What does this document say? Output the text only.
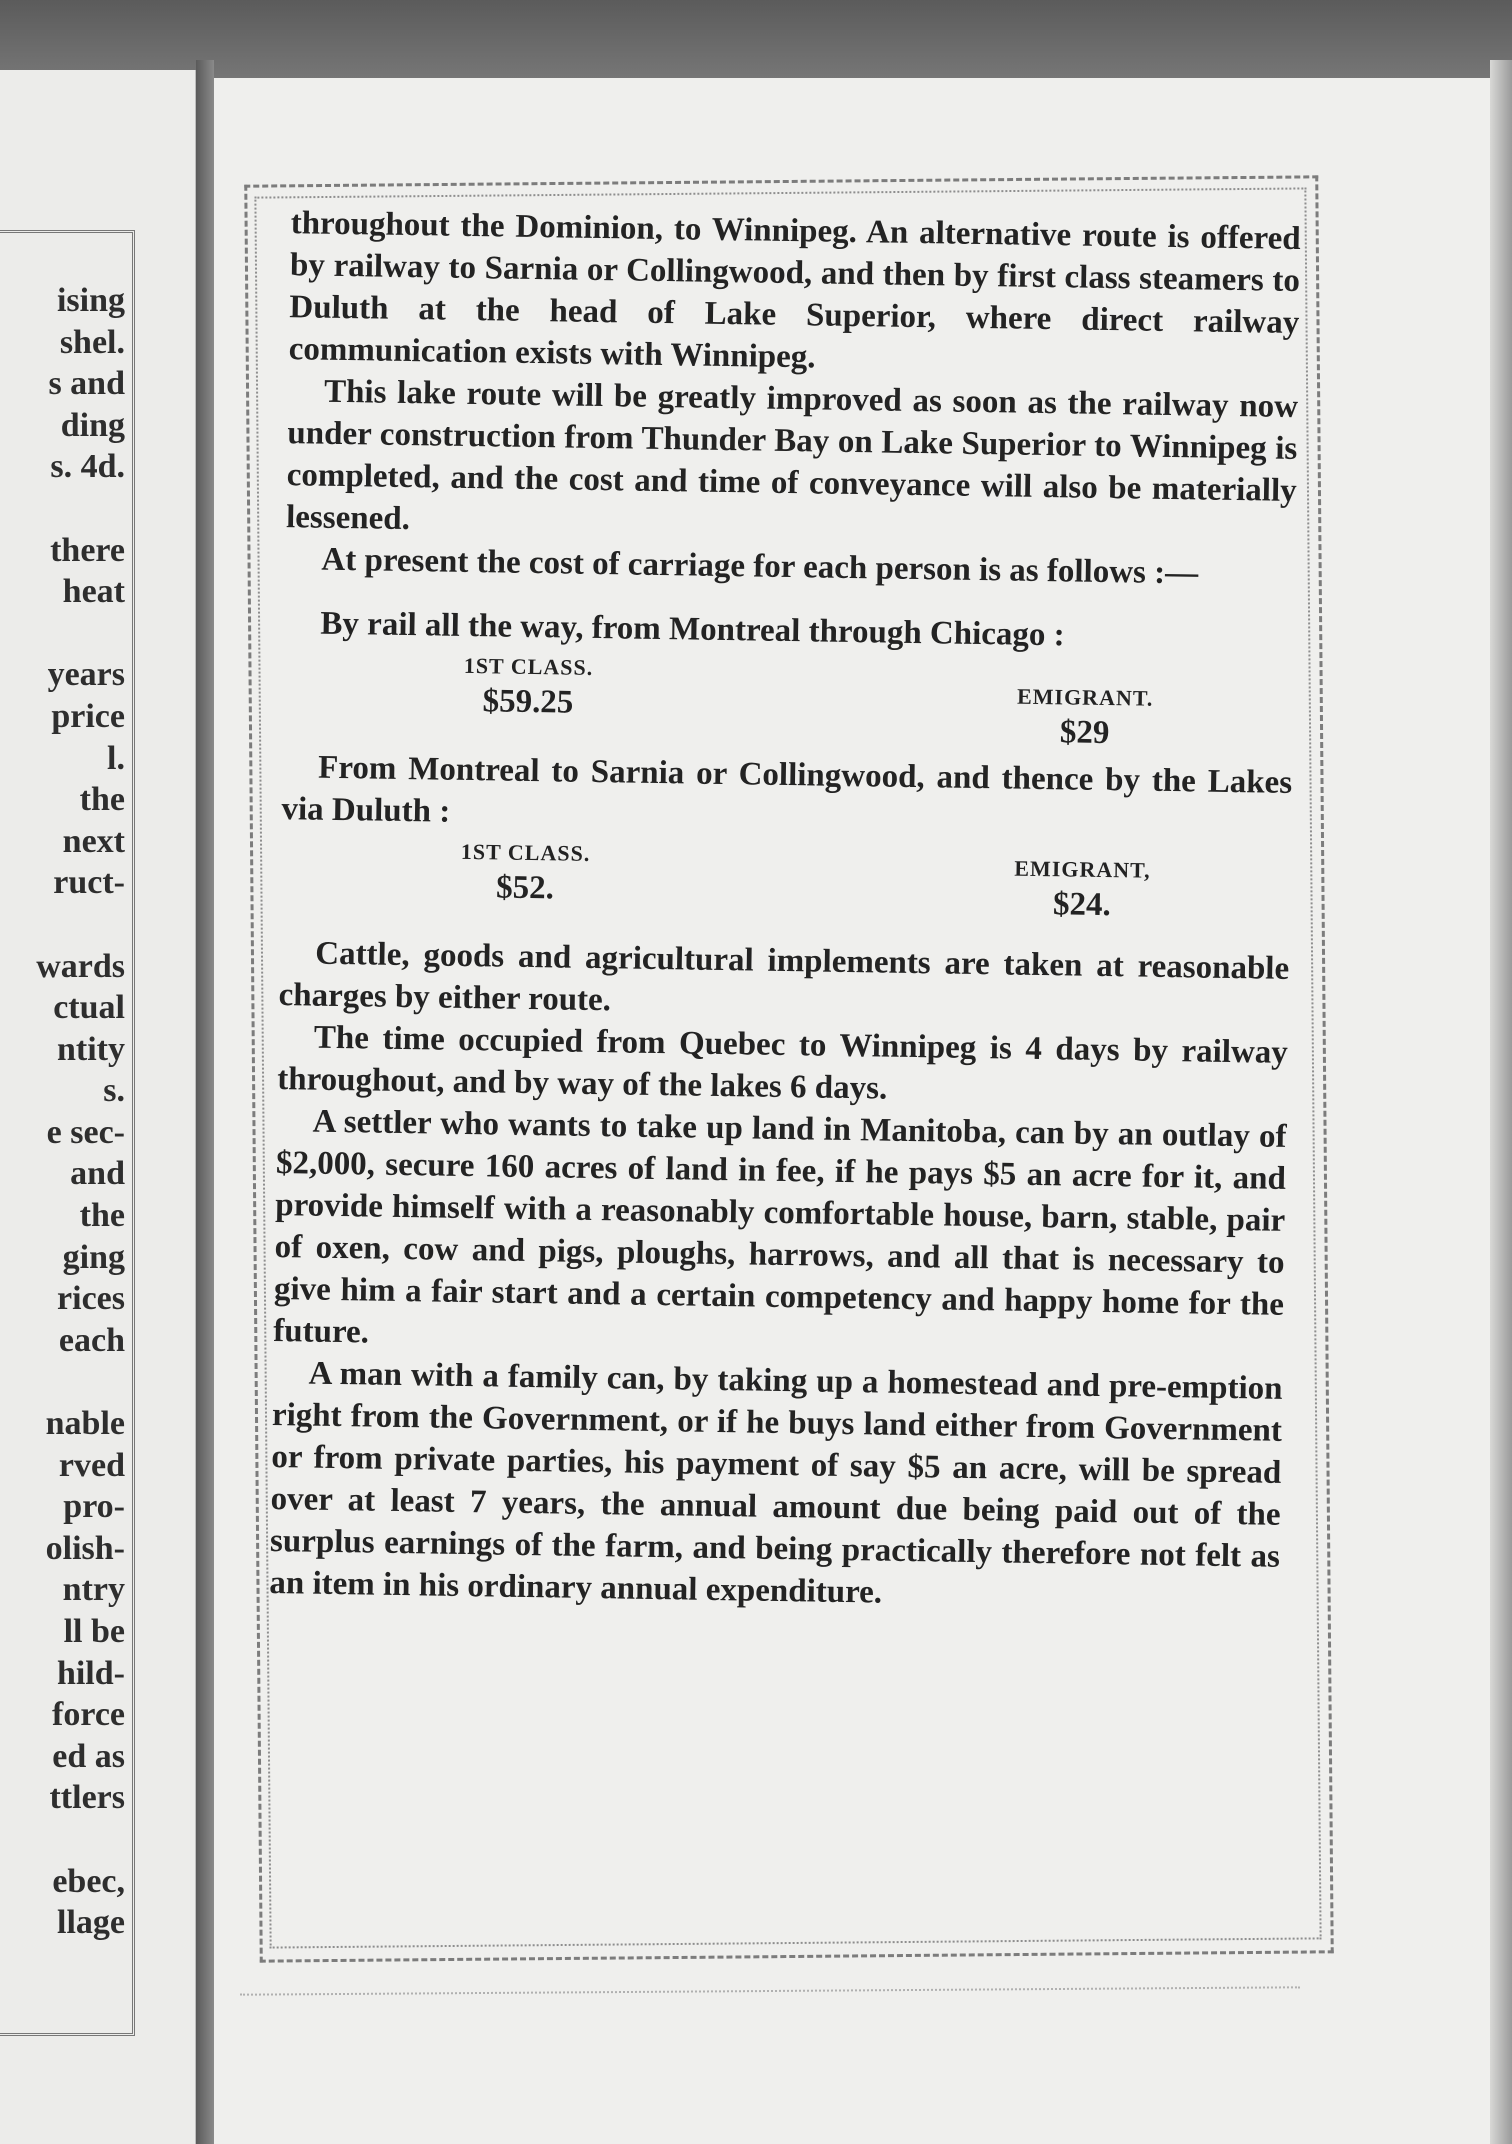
ising
shel.
s and
ding
s. 4d.
there
heat
years
price
l.
the
next
ruct-
wards
ctual
ntity
s.
e sec-
and
the
ging
rices
each
nable
rved
pro-
olish-
ntry
ll be
hild-
force
ed as
ttlers
ebec,
llage

throughout the Dominion, to Winnipeg. An alternative route is offered by railway to Sarnia or Collingwood, and then by first class steamers to Duluth at the head of Lake Superior, where direct railway communication exists with Winnipeg.

This lake route will be greatly improved as soon as the railway now under construction from Thunder Bay on Lake Superior to Winnipeg is completed, and the cost and time of conveyance will also be materially lessened.

At present the cost of carriage for each person is as follows :—

By rail all the way, from Montreal through Chicago :

1ST CLASS.
$59.25	EMIGRANT.
$29

From Montreal to Sarnia or Collingwood, and thence by the Lakes via Duluth :

1ST CLASS.
$52.
EMIGRANT,
$24.

Cattle, goods and agricultural implements are taken at reasonable charges by either route.

The time occupied from Quebec to Winnipeg is 4 days by railway throughout, and by way of the lakes 6 days.

A settler who wants to take up land in Manitoba, can by an outlay of $2,000, secure 160 acres of land in fee, if he pays $5 an acre for it, and provide himself with a reasonably comfortable house, barn, stable, pair of oxen, cow and pigs, ploughs, harrows, and all that is necessary to give him a fair start and a certain competency and happy home for the future.

A man with a family can, by taking up a homestead and pre-emption right from the Government, or if he buys land either from Government or from private parties, his payment of say $5 an acre, will be spread over at least 7 years, the annual amount due being paid out of the surplus earnings of the farm, and being practically therefore not felt as an item in his ordinary annual expenditure.
